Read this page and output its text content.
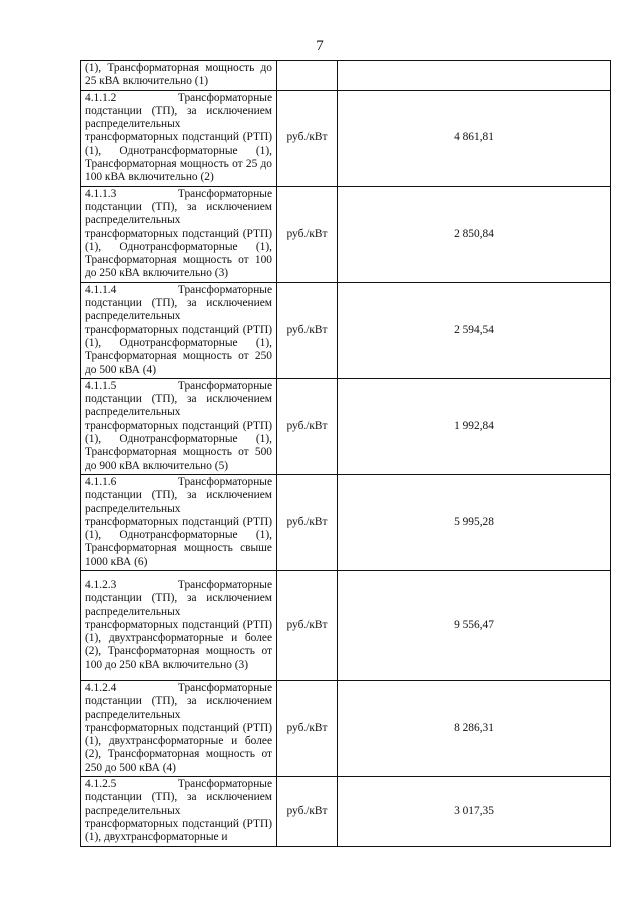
7
(1), Трансформаторная мощность до 25 кВА включительно (1)		
4.1.1.2 Трансформаторные подстанции (ТП), за исключением распределительных трансформаторных подстанций (РТП) (1), Однотрансформаторные (1), Трансформаторная мощность от 25 до 100 кВА включительно (2)	руб./кВт	4 861,81
4.1.1.3 Трансформаторные подстанции (ТП), за исключением распределительных трансформаторных подстанций (РТП) (1), Однотрансформаторные (1), Трансформаторная мощность от 100 до 250 кВА включительно (3)	руб./кВт	2 850,84
4.1.1.4 Трансформаторные подстанции (ТП), за исключением распределительных трансформаторных подстанций (РТП) (1), Однотрансформаторные (1), Трансформаторная мощность от 250 до 500 кВА (4)	руб./кВт	2 594,54
4.1.1.5 Трансформаторные подстанции (ТП), за исключением распределительных трансформаторных подстанций (РТП) (1), Однотрансформаторные (1), Трансформаторная мощность от 500 до 900 кВА включительно (5)	руб./кВт	1 992,84
4.1.1.6 Трансформаторные подстанции (ТП), за исключением распределительных трансформаторных подстанций (РТП) (1), Однотрансформаторные (1), Трансформаторная мощность свыше 1000 кВА (6)	руб./кВт	5 995,28
4.1.2.3 Трансформаторные подстанции (ТП), за исключением распределительных трансформаторных подстанций (РТП) (1), двухтрансформаторные и более (2), Трансформаторная мощность от 100 до 250 кВА включительно (3)	руб./кВт	9 556,47
4.1.2.4 Трансформаторные подстанции (ТП), за исключением распределительных трансформаторных подстанций (РТП) (1), двухтрансформаторные и более (2), Трансформаторная мощность от 250 до 500 кВА (4)	руб./кВт	8 286,31
4.1.2.5 Трансформаторные подстанции (ТП), за исключением распределительных трансформаторных подстанций (РТП) (1), двухтрансформаторные и	руб./кВт	3 017,35
